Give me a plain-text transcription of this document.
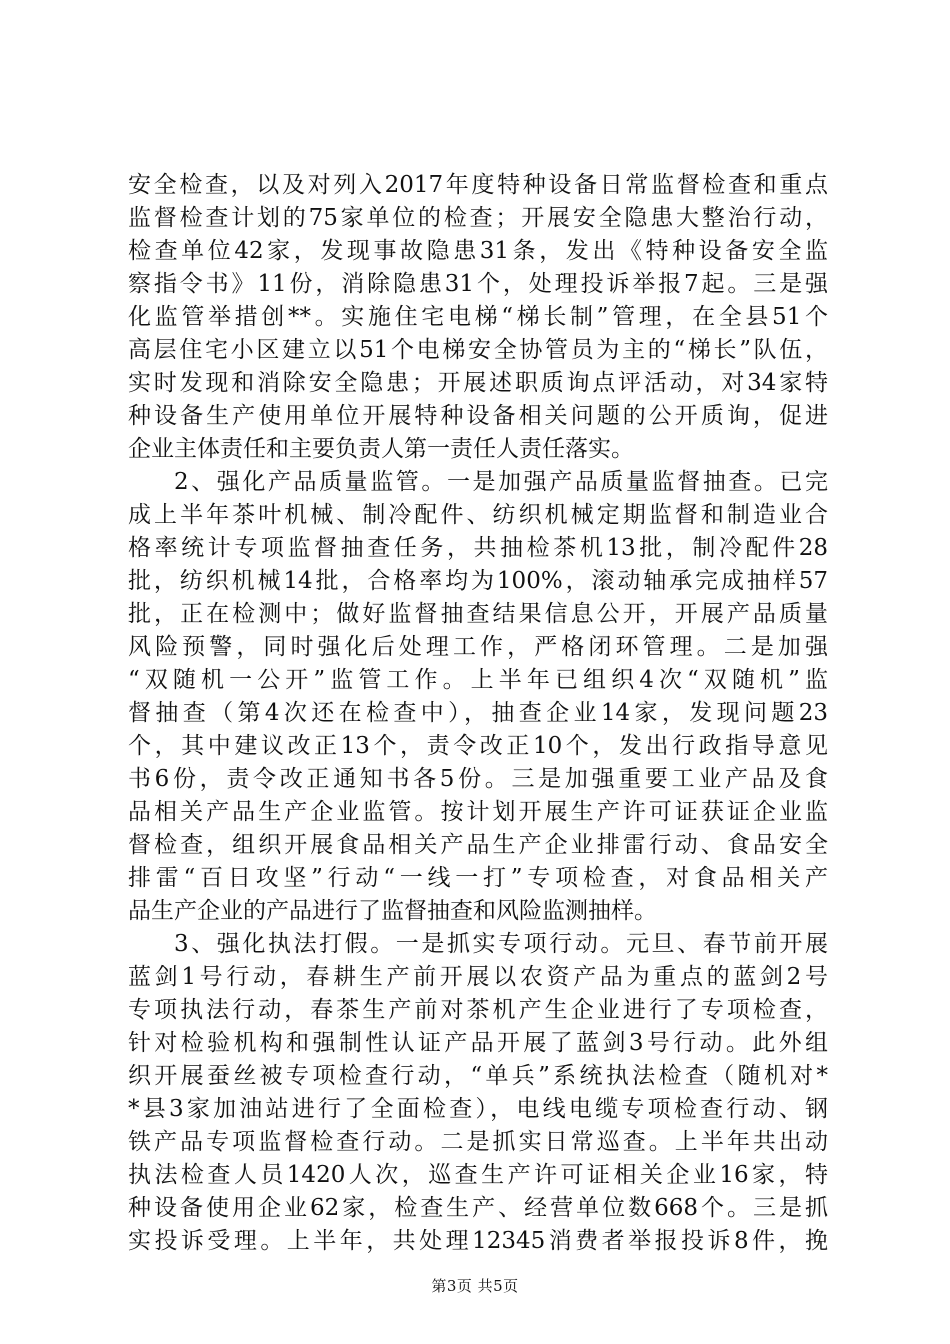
安全检查，以及对列入2017年度特种设备日常监督检查和重点
监督检查计划的75家单位的检查；开展安全隐患大整治行动，
检查单位42家，发现事故隐患31条，发出《特种设备安全监
察指令书》11份，消除隐患31个，处理投诉举报7起。三是强
化监管举措创**。实施住宅电梯“梯长制”管理，在全县51个
高层住宅小区建立以51个电梯安全协管员为主的“梯长”队伍，
实时发现和消除安全隐患；开展述职质询点评活动，对34家特
种设备生产使用单位开展特种设备相关问题的公开质询，促进
企业主体责任和主要负责人第一责任人责任落实。
2、强化产品质量监管。一是加强产品质量监督抽查。已完
成上半年茶叶机械、制冷配件、纺织机械定期监督和制造业合
格率统计专项监督抽查任务，共抽检茶机13批，制冷配件28
批，纺织机械14批，合格率均为100%，滚动轴承完成抽样57
批，正在检测中；做好监督抽查结果信息公开，开展产品质量
风险预警，同时强化后处理工作，严格闭环管理。二是加强
“双随机一公开”监管工作。上半年已组织4次“双随机”监
督抽查（第4次还在检查中），抽查企业14家，发现问题23
个，其中建议改正13个，责令改正10个，发出行政指导意见
书6份，责令改正通知书各5份。三是加强重要工业产品及食
品相关产品生产企业监管。按计划开展生产许可证获证企业监
督检查，组织开展食品相关产品生产企业排雷行动、食品安全
排雷“百日攻坚”行动“一线一打”专项检查，对食品相关产
品生产企业的产品进行了监督抽查和风险监测抽样。
3、强化执法打假。一是抓实专项行动。元旦、春节前开展
蓝剑1号行动，春耕生产前开展以农资产品为重点的蓝剑2号
专项执法行动，春茶生产前对茶机产生企业进行了专项检查，
针对检验机构和强制性认证产品开展了蓝剑3号行动。此外组
织开展蚕丝被专项检查行动，“单兵”系统执法检查（随机对*
*县3家加油站进行了全面检查），电线电缆专项检查行动、钢
铁产品专项监督检查行动。二是抓实日常巡查。上半年共出动
执法检查人员1420人次，巡查生产许可证相关企业16家，特
种设备使用企业62家，检查生产、经营单位数668个。三是抓
实投诉受理。上半年，共处理12345消费者举报投诉8件，挽
第3页 共5页
